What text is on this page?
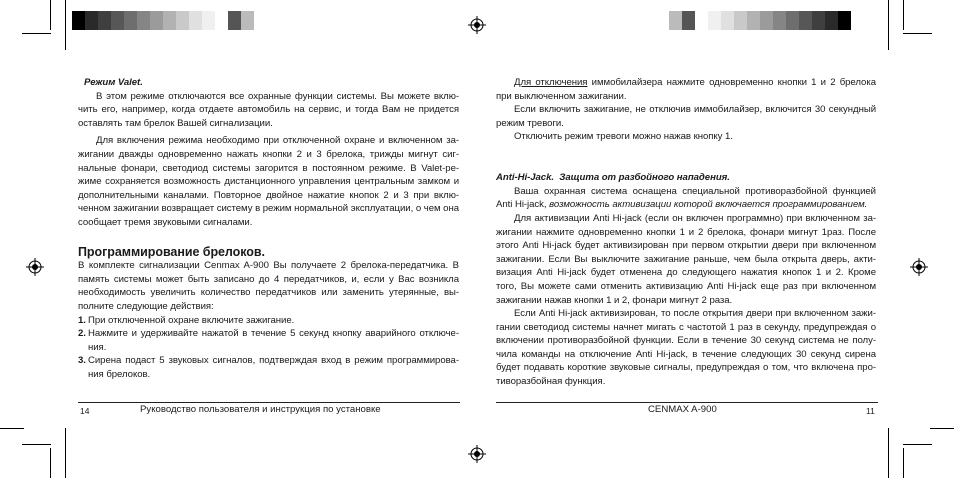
Режим Valet.

В этом режиме отключаются все охранные функции системы. Вы можете вклю-чить его, например, когда отдаете автомобиль на сервис, и тогда Вам не придется оставлять там брелок Вашей сигнализации.

Для включения режима необходимо при отключенной охране и включенном за-жигании дважды одновременно нажать кнопки 2 и 3 брелока, трижды мигнут сиг-нальные фонари, светодиод системы загорится в постоянном режиме. В Valet-ре-жиме сохраняется возможность дистанционного управления центральным замком и дополнительными каналами. Повторное двойное нажатие кнопок 2 и 3 при вклю-ченном зажигании возвращает систему в режим нормальной эксплуатации, о чем она сообщает тремя звуковыми сигналами.

Программирование брелоков.

В комплекте сигнализации Cenmax A-900 Вы получаете 2 брелока-передатчика. В память системы может быть записано до 4 передатчиков, и, если у Вас возникла необходимость увеличить количество передатчиков или заменить утерянные, вы-полните следующие действия:

1. При отключенной охране включите зажигание.
2. Нажмите и удерживайте нажатой в течение 5 секунд кнопку аварийного отключе-ния.
3. Сирена подаст 5 звуковых сигналов, подтверждая вход в режим программирова-ния брелоков.
14	Руководство пользователя и инструкция по установке

Для отключения иммобилайзера нажмите одновременно кнопки 1 и 2 брелока при выключенном зажигании.

Если включить зажигание, не отключив иммобилайзер, включится 30 секундный режим тревоги.

Отключить режим тревоги можно нажав кнопку 1.

Anti-Hi-Jack. Защита от разбойного нападения.

Ваша охранная система оснащена специальной противоразбойной функцией Anti Hi-jack, возможность активизации которой включается программированием.

Для активизации Anti Hi-jack (если он включен программно) при включенном за-жигании нажмите одновременно кнопки 1 и 2 брелока, фонари мигнут 1раз. После этого Anti Hi-jack будет активизирован при первом открытии двери при включенном зажигании. Если Вы выключите зажигание раньше, чем была открыта дверь, акти-визация Anti Hi-jack будет отменена до следующего нажатия кнопок 1 и 2. Кроме того, Вы можете сами отменить активизацию Anti Hi-jack еще раз при включенном зажигании нажав кнопки 1 и 2, фонари мигнут 2 раза.

Если Anti Hi-jack активизирован, то после открытия двери при включенном зажи-гании светодиод системы начнет мигать с частотой 1 раз в секунду, предупреждая о включении противоразбойной функции. Если в течение 30 секунд система не полу-чила команды на отключение Anti Hi-jack, в течение следующих 30 секунд сирена будет подавать короткие звуковые сигналы, предупреждая о том, что включена про-тиворазбойная функция.

CENMAX A-900	11
